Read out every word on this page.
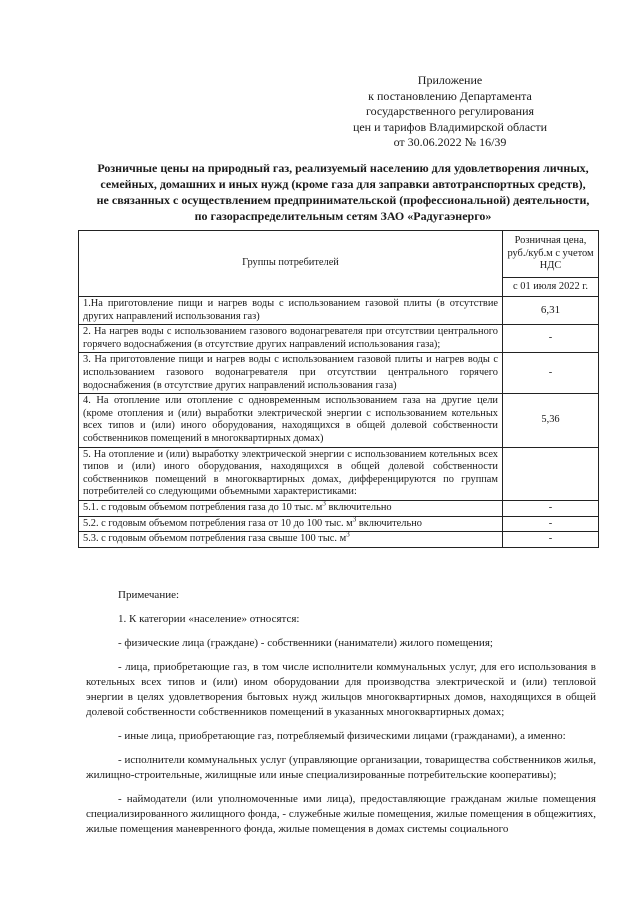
Приложение
к постановлению Департамента
государственного регулирования
цен и тарифов Владимирской области
от 30.06.2022 № 16/39
Розничные цены на природный газ, реализуемый населению для удовлетворения личных,
семейных, домашних и иных нужд (кроме газа для заправки автотранспортных средств),
не связанных с осуществлением предпринимательской (профессиональной) деятельности,
по газораспределительным сетям ЗАО «Радугаэнерго»
Группы потребителей	Розничная цена, руб./куб.м с учетом НДС
	с 01 июля 2022 г.
1.На приготовление пищи и нагрев воды с использованием газовой плиты (в отсутствие других направлений использования газ)	6,31
2. На нагрев воды с использованием газового водонагревателя при отсутствии центрального горячего водоснабжения (в отсутствие других направлений использования газа);	-
3. На приготовление пищи и нагрев воды с использованием газовой плиты и нагрев воды с использованием газового водонагревателя при отсутствии центрального горячего водоснабжения (в отсутствие других направлений использования газа)	-
4. На отопление или отопление с одновременным использованием газа на другие цели (кроме отопления и (или) выработки электрической энергии с использованием котельных всех типов и (или) иного оборудования, находящихся в общей долевой собственности собственников помещений в многоквартирных домах)	5,36
5. На отопление и (или) выработку электрической энергии с использованием котельных всех типов и (или) иного оборудования, находящихся в общей долевой собственности собственников помещений в многоквартирных домах, дифференцируются по группам потребителей со следующими объемными характеристиками:	
5.1. с годовым объемом потребления газа до 10 тыс. $м^3$ включительно	-
5.2. с годовым объемом потребления газа от 10 до 100 тыс. $м^3$ включительно	-
5.3. с годовым объемом потребления газа свыше 100 тыс. $м^3$	-

Примечание:

1. К категории «население» относятся:

- физические лица (граждане) - собственники (наниматели) жилого помещения;

- лица, приобретающие газ, в том числе исполнители коммунальных услуг, для его использования в котельных всех типов и (или) ином оборудовании для производства электрической и (или) тепловой энергии в целях удовлетворения бытовых нужд жильцов многоквартирных домов, находящихся в общей долевой собственности собственников помещений в указанных многоквартирных домах;

- иные лица, приобретающие газ, потребляемый физическими лицами (гражданами), а именно:

- исполнители коммунальных услуг (управляющие организации, товарищества собственников жилья, жилищно-строительные, жилищные или иные специализированные потребительские кооперативы);

- наймодатели (или уполномоченные ими лица), предоставляющие гражданам жилые помещения специализированного жилищного фонда, - служебные жилые помещения, жилые помещения в общежитиях, жилые помещения маневренного фонда, жилые помещения в домах системы социального
